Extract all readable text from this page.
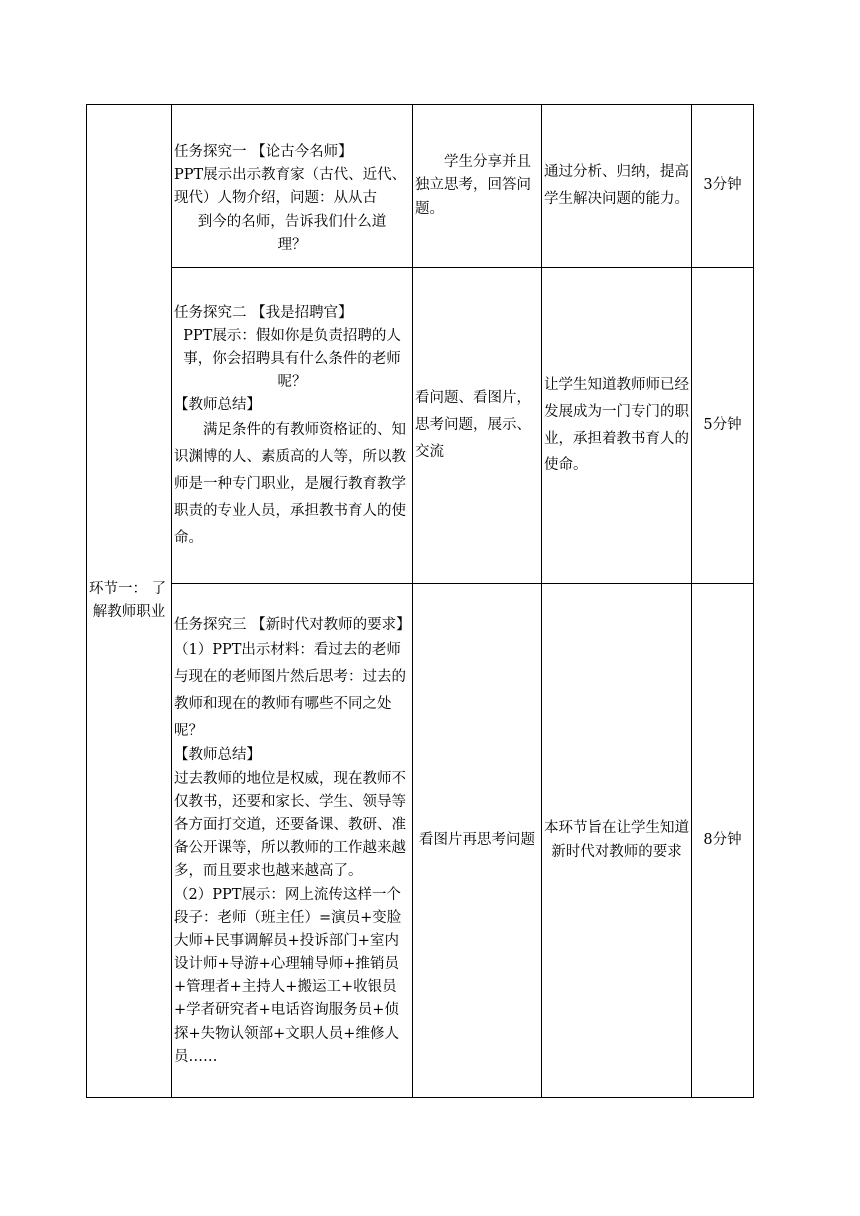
环节一： 了
解教师职业	任务探究一 【论古今名师】
PPT展示出示教育家（古代、近代、
现代）人物介绍，问题：从从古
到今的名师，告诉我们什么道
理？	学生分享并且独立思考，回答问题。	通过分析、归纳，提高学生解决问题的能力。	3分钟

	任务探究二 【我是招聘官】
PPT展示：假如你是负责招聘的人事，你会招聘具有什么条件的老师呢？
【教师总结】
满足条件的有教师资格证的、知识渊博的人、素质高的人等，所以教师是一种专门职业，是履行教育教学职责的专业人员，承担教书育人的使命。	看问题、看图片，思考问题，展示、交流	让学生知道教师师已经发展成为一门专门的职业，承担着教书育人的使命。	5分钟

	任务探究三 【新时代对教师的要求】
（1）PPT出示材料：看过去的老师与现在的老师图片然后思考：过去的教师和现在的教师有哪些不同之处呢？
【教师总结】
过去教师的地位是权威，现在教师不仅教书，还要和家长、学生、领导等各方面打交道，还要备课、教研、准备公开课等，所以教师的工作越来越多，而且要求也越来越高了。
（2）PPT展示：网上流传这样一个段子：老师（班主任）=演员+变脸大师+民事调解员+投诉部门+室内设计师+导游+心理辅导师+推销员+管理者+主持人+搬运工+收银员+学者研究者+电话咨询服务员+侦探+失物认领部+文职人员+维修人员……	看图片再思考问题	本环节旨在让学生知道新时代对教师的要求	8分钟
